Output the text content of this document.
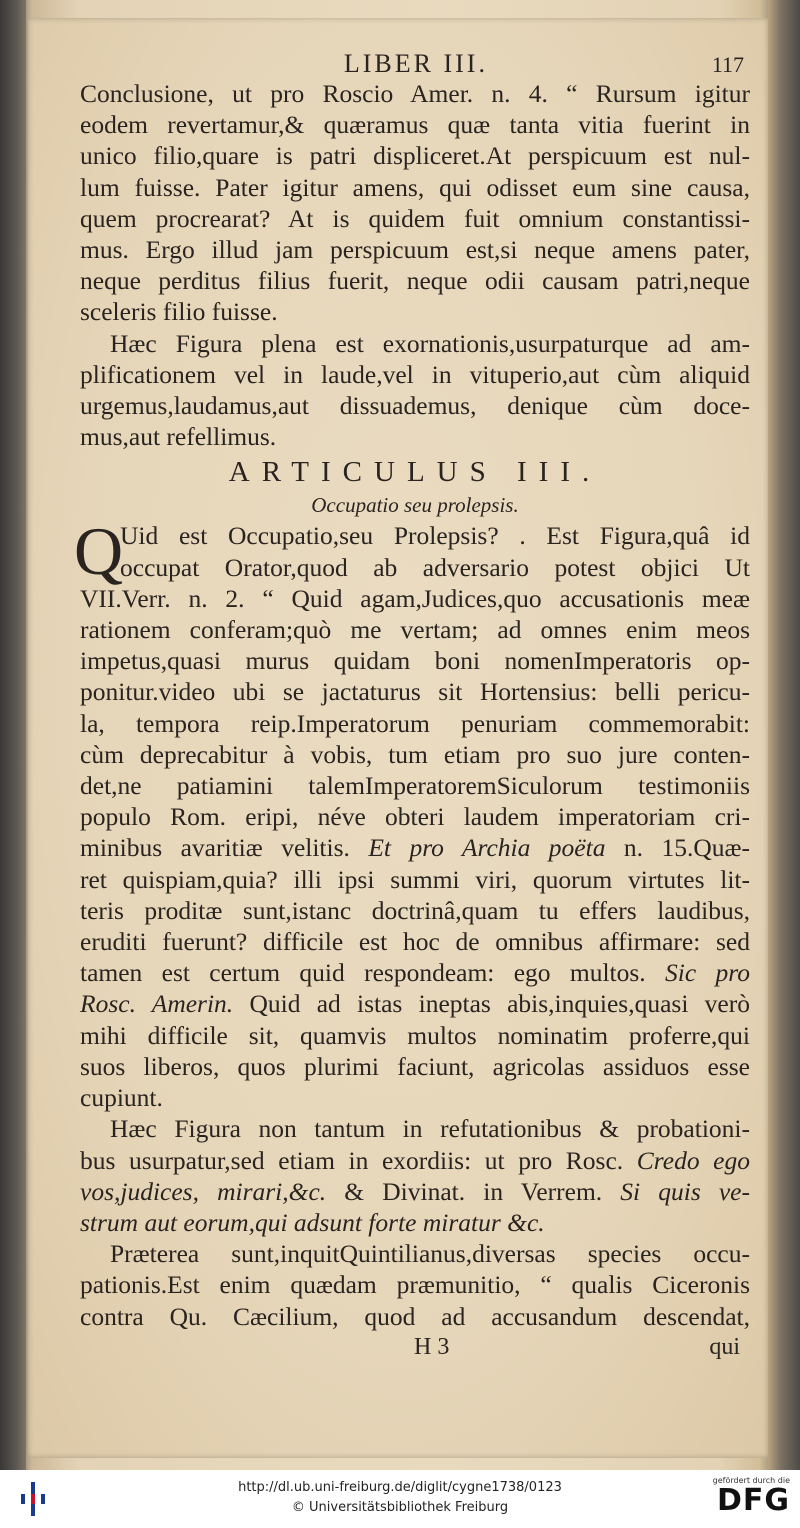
LIBER III.	117
Conclusione, ut pro Roscio Amer. n. 4. “ Rursum igitur
eodem revertamur,& quæramus quæ tanta vitia fuerint in
unico filio,quare is patri displiceret.At perspicuum est nul-
lum fuisse. Pater igitur amens, qui odisset eum sine causa,
quem procrearat? At is quidem fuit omnium constantissi-
mus. Ergo illud jam perspicuum est,si neque amens pater,
neque perditus filius fuerit, neque odii causam patri,neque
sceleris filio fuisse.
Hæc Figura plena est exornationis,usurpaturque ad am-
plificationem vel in laude,vel in vituperio,aut cùm aliquid
urgemus,laudamus,aut dissuademus, denique cùm doce-
mus,aut refellimus.
ARTICULUS III.
Occupatio seu prolepsis.
Q
Uid est Occupatio,seu Prolepsis? . Est Figura,quâ id
occupat Orator,quod ab adversario potest objici Ut
VII.Verr. n. 2. “ Quid agam,Judices,quo accusationis meæ
rationem conferam;quò me vertam; ad omnes enim meos
impetus,quasi murus quidam boni nomenImperatoris op-
ponitur.video ubi se jactaturus sit Hortensius: belli pericu-
la, tempora reip.Imperatorum penuriam commemorabit:
cùm deprecabitur à vobis, tum etiam pro suo jure conten-
det,ne patiamini talemImperatoremSiculorum testimoniis
populo Rom. eripi, néve obteri laudem imperatoriam cri-
minibus avaritiæ velitis. Et pro Archia poëta n. 15.Quæ-
ret quispiam,quia? illi ipsi summi viri, quorum virtutes lit-
teris proditæ sunt,istanc doctrinâ,quam tu effers laudibus,
eruditi fuerunt? difficile est hoc de omnibus affirmare: sed
tamen est certum quid respondeam: ego multos. Sic pro
Rosc. Amerin. Quid ad istas ineptas abis,inquies,quasi verò
mihi difficile sit, quamvis multos nominatim proferre,qui
suos liberos, quos plurimi faciunt, agricolas assiduos esse
cupiunt.
Hæc Figura non tantum in refutationibus & probationi-
bus usurpatur,sed etiam in exordiis: ut pro Rosc. Credo ego
vos,judices, mirari,&c. & Divinat. in Verrem. Si quis ve-
strum aut eorum,qui adsunt forte miratur &c.
Præterea sunt,inquitQuintilianus,diversas species occu-
pationis.Est enim quædam præmunitio, “ qualis Ciceronis
contra Qu. Cæcilium, quod ad accusandum descendat,
H 3	qui
http://dl.ub.uni-freiburg.de/diglit/cygne1738/0123
© Universitätsbibliothek Freiburg
gefördert durch die
DFG
